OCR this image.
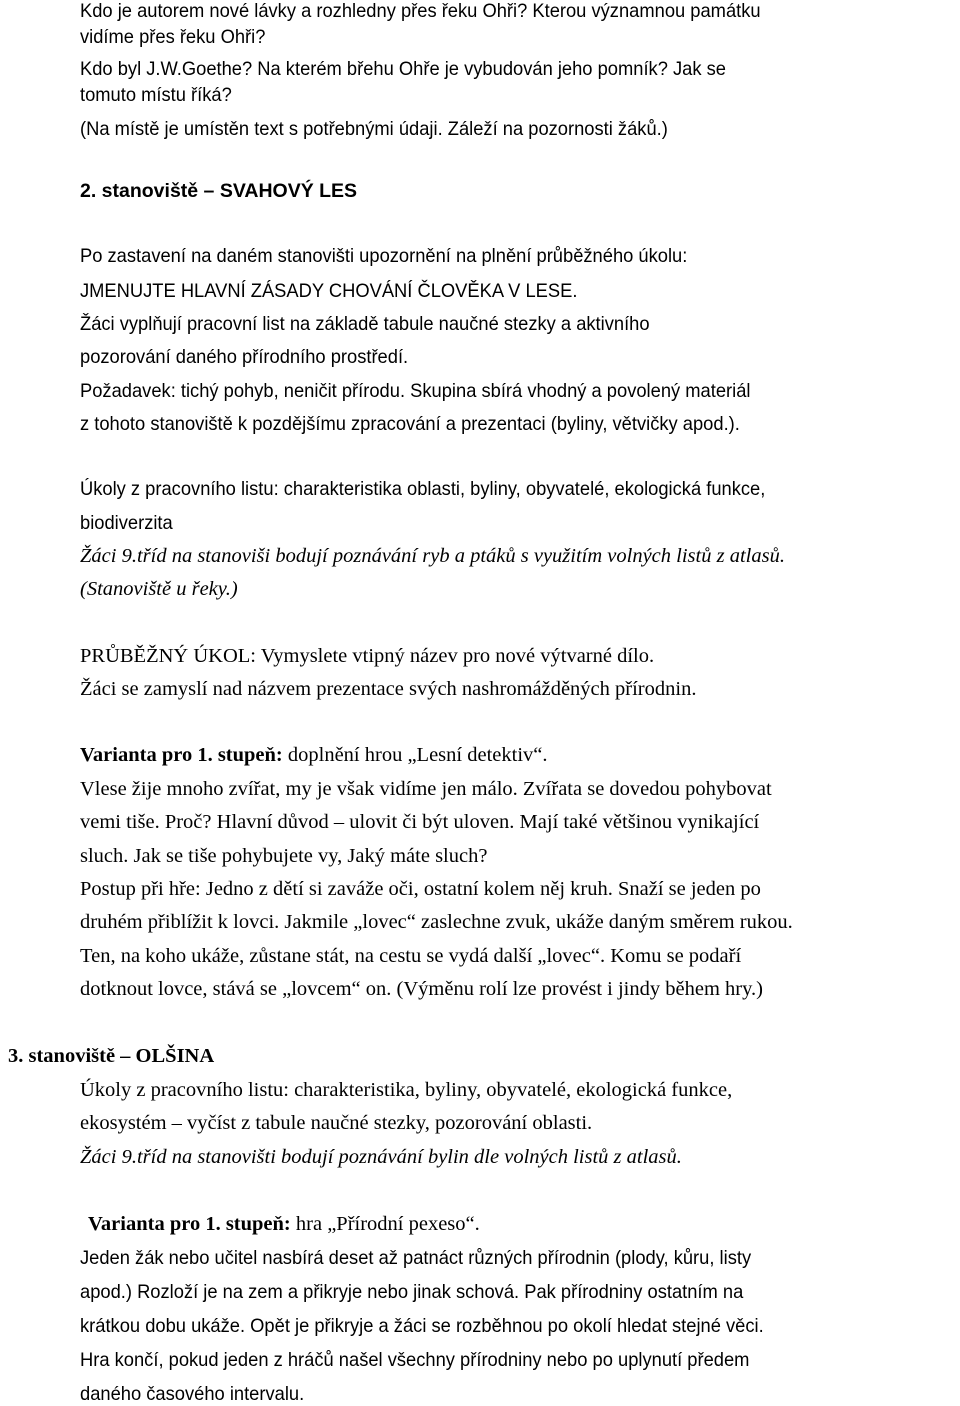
Kdo je autorem nové lávky a rozhledny přes řeku Ohři? Kterou významnou památku

vidíme přes řeku Ohři?

Kdo byl J.W.Goethe? Na kterém břehu Ohře je vybudován jeho pomník? Jak se

tomuto místu říká?

(Na místě je umístěn text s potřebnými údaji. Záleží na pozornosti žáků.)

2. stanoviště – SVAHOVÝ LES

Po zastavení na daném stanovišti upozornění na plnění průběžného úkolu:

JMENUJTE HLAVNÍ ZÁSADY CHOVÁNÍ ČLOVĚKA V LESE.

Žáci vyplňují pracovní list na základě tabule naučné stezky a aktivního

pozorování daného přírodního prostředí.

Požadavek: tichý pohyb, neničit přírodu. Skupina sbírá vhodný a povolený materiál

z tohoto stanoviště k pozdějšímu zpracování a prezentaci (byliny, větvičky apod.).

Úkoly z pracovního listu: charakteristika oblasti, byliny, obyvatelé, ekologická funkce,

biodiverzita

Žáci 9.tříd na stanoviši bodují poznávání ryb a ptáků s využitím volných listů z atlasů.

(Stanoviště u řeky.)

PRŮBĚŽNÝ ÚKOL: Vymyslete vtipný název pro nové výtvarné dílo.

Žáci se zamyslí nad názvem prezentace svých nashromážděných přírodnin.

Varianta pro 1. stupeň: doplnění hrou „Lesní detektiv“.

Vlese žije mnoho zvířat, my je však vidíme jen málo. Zvířata se dovedou pohybovat

vemi tiše. Proč? Hlavní důvod – ulovit či být uloven. Mají také většinou vynikající

sluch. Jak se tiše pohybujete vy, Jaký máte sluch?

Postup při hře: Jedno z dětí si zaváže oči, ostatní kolem něj kruh. Snaží se jeden po

druhém přiblížit k lovci. Jakmile „lovec“ zaslechne zvuk, ukáže daným směrem rukou.

Ten, na koho ukáže, zůstane stát, na cestu se vydá další „lovec“. Komu se podaří

dotknout lovce, stává se „lovcem“ on. (Výměnu rolí lze provést i jindy během hry.)

3. stanoviště – OLŠINA

Úkoly z pracovního listu: charakteristika, byliny, obyvatelé, ekologická funkce,

ekosystém – vyčíst z tabule naučné stezky, pozorování oblasti.

Žáci 9.tříd na stanovišti bodují poznávání bylin dle volných listů z atlasů.

Varianta pro 1. stupeň: hra „Přírodní pexeso“.

Jeden žák nebo učitel nasbírá deset až patnáct různých přírodnin (plody, kůru, listy

apod.) Rozloží je na zem a přikryje nebo jinak schová. Pak přírodniny ostatním na

krátkou dobu ukáže. Opět je přikryje a žáci se rozběhnou po okolí hledat stejné věci.

Hra končí, pokud jeden z hráčů našel všechny přírodniny nebo po uplynutí předem

daného časového intervalu.
